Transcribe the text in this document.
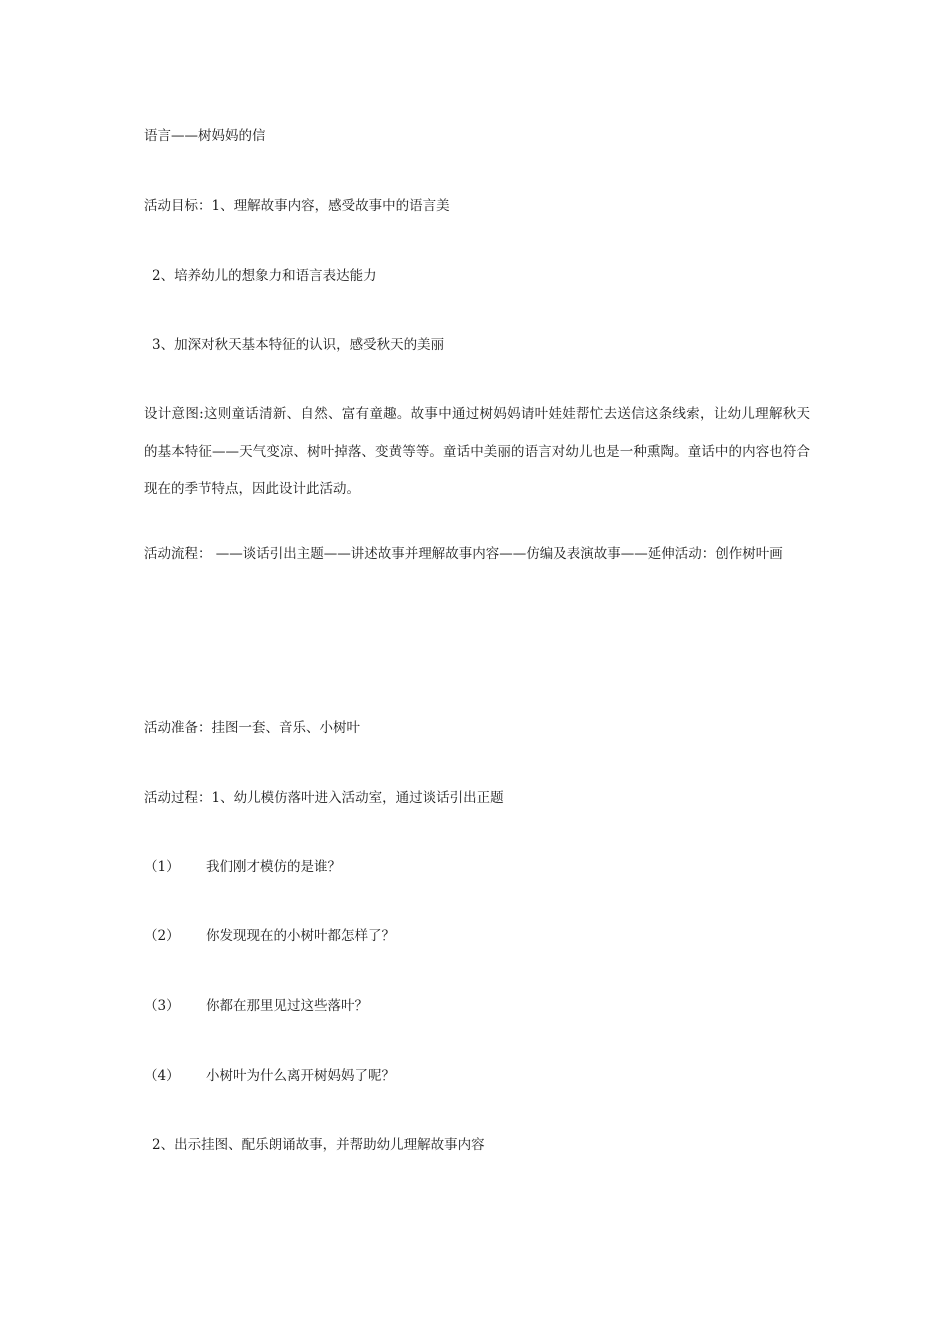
语言——树妈妈的信
活动目标：1、理解故事内容，感受故事中的语言美
2、培养幼儿的想象力和语言表达能力
3、加深对秋天基本特征的认识，感受秋天的美丽
设计意图:这则童话清新、自然、富有童趣。故事中通过树妈妈请叶娃娃帮忙去送信这条线索，让幼儿理解秋天的基本特征——天气变凉、树叶掉落、变黄等等。童话中美丽的语言对幼儿也是一种熏陶。童话中的内容也符合现在的季节特点，因此设计此活动。
活动流程： ——谈话引出主题——讲述故事并理解故事内容——仿编及表演故事——延伸活动：创作树叶画
活动准备：挂图一套、音乐、小树叶
活动过程：1、幼儿模仿落叶进入活动室，通过谈话引出正题
（1） 我们刚才模仿的是谁？
（2） 你发现现在的小树叶都怎样了？
（3） 你都在那里见过这些落叶？
（4） 小树叶为什么离开树妈妈了呢？
2、出示挂图、配乐朗诵故事，并帮助幼儿理解故事内容
